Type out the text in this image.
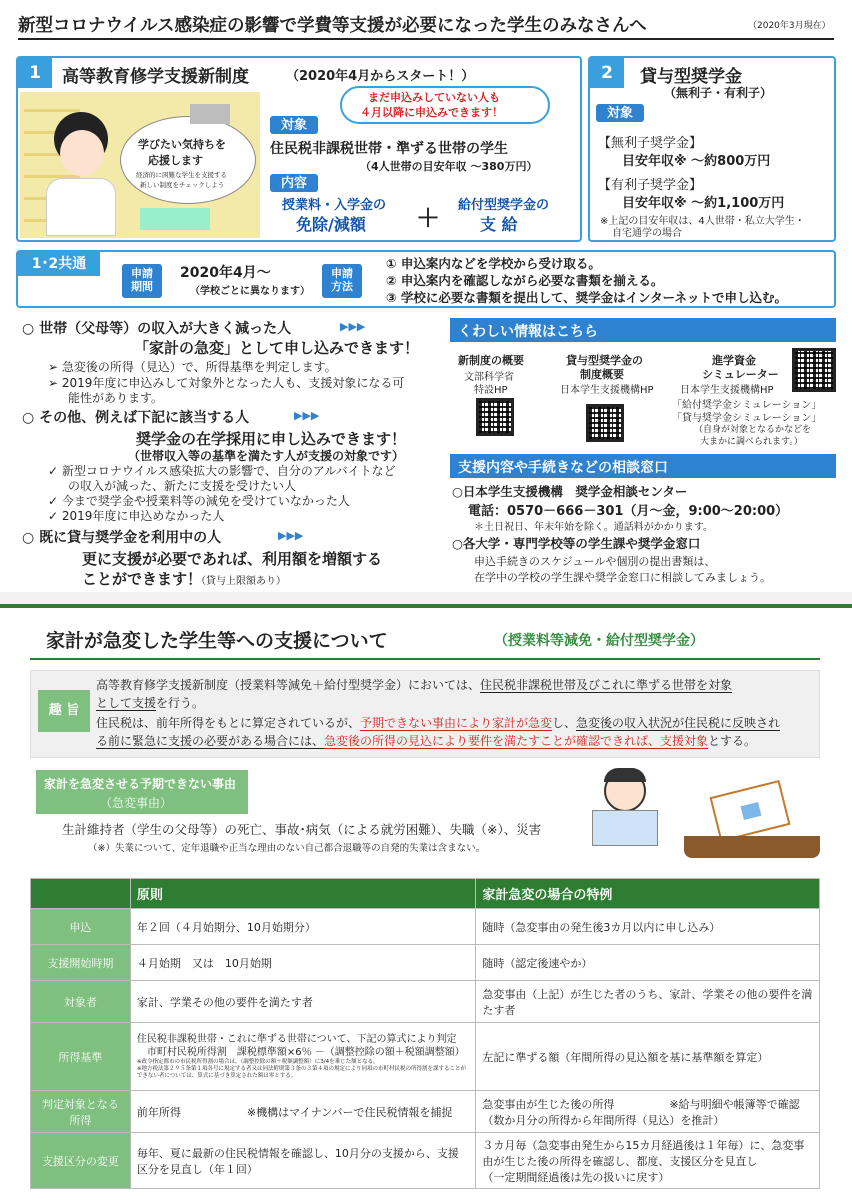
新型コロナウイルス感染症の影響で学費等支援が必要になった学生のみなさんへ	（2020年3月現在）
1	高等教育修学支援新制度	（2020年4月からスタート！）
まだ申込みしていない人も
４月以降に申込みできます！
学びたい気持ちを
応援します
経済的に困難な学生を支援する
新しい制度をチェックしよう
対象
住民税非課税世帯・準ずる世帯の学生
（4人世帯の目安年収 ～380万円）
内容
授業料・入学金の
免除/減額 ＋ 給付型奨学金の
支 給
2	貸与型奨学金
（無利子・有利子）
対象
【無利子奨学金】
目安年収※ ～約800万円
【有利子奨学金】
目安年収※ ～約1,100万円
※上記の目安年収は、4人世帯・私立大学生・
自宅通学の場合
1･2共通
申請
期間
2020年4月～
（学校ごとに異なります）
申請
方法
① 申込案内などを学校から受け取る。
② 申込案内を確認しながら必要な書類を揃える。
③ 学校に必要な書類を提出して、奨学金はインターネットで申し込む。
○ 世帯（父母等）の収入が大きく減った人	▶▶▶
「家計の急変」として申し込みできます！
➢ 急変後の所得（見込）で、所得基準を判定します。
➢ 2019年度に申込みして対象外となった人も、支援対象になる可
能性があります。
○ その他、例えば下記に該当する人	▶▶▶
奨学金の在学採用に申し込みできます！
（世帯収入等の基準を満たす人が支援の対象です）
✓ 新型コロナウイルス感染拡大の影響で、自分のアルバイトなど
の収入が減った、新たに支援を受けたい人
✓ 今まで奨学金や授業料等の減免を受けていなかった人
✓ 2019年度に申込めなかった人
○ 既に貸与奨学金を利用中の人	▶▶▶
更に支援が必要であれば、利用額を増額する
ことができます！
（貸与上限額あり）
くわしい情報はこちら
新制度の概要
文部科学省
特設HP
貸与型奨学金の
制度概要
日本学生支援機構HP
進学資金
シミュレーター
日本学生支援機構HP
「給付奨学金シミュレーション」
「貸与奨学金シミュレーション」
（自身が対象となるかなどを
大まかに調べられます。）
支援内容や手続きなどの相談窓口
○日本学生支援機構　奨学金相談センター
電話：0570－666－301（月～金，9:00～20:00）
＊土日祝日、年末年始を除く。通話料がかかります。
○各大学・専門学校等の学生課や奨学金窓口
申込手続きのスケジュールや個別の提出書類は、
在学中の学校の学生課や奨学金窓口に相談してみましょう。
家計が急変した学生等への支援について	（授業料等減免・給付型奨学金）
趣 旨
高等教育修学支援新制度（授業料等減免＋給付型奨学金）においては、住民税非課税世帯及びこれに準ずる世帯を対象
として支援を行う。
住民税は、前年所得をもとに算定されているが、予期できない事由により家計が急変し、急変後の収入状況が住民税に反映され
る前に緊急に支援の必要がある場合には、急変後の所得の見込により要件を満たすことが確認できれば、支援対象とする。
家計を急変させる予期できない事由
（急変事由）
生計維持者（学生の父母等）の死亡、事故･病気（による就労困難）、失職（※）、災害
（※）失業について、定年退職や正当な理由のない自己都合退職等の自発的失業は含まない。
	原則	家計急変の場合の特例
申込	年２回（４月始期分、10月始期分）	随時（急変事由の発生後3カ月以内に申し込み）
支援開始時期	４月始期　又は　10月始期	随時（認定後速やか）
対象者	家計、学業その他の要件を満たす者	急変事由（上記）が生じた者のうち、家計、学業その他の要件を満たす者
所得基準	住民税非課税世帯・これに準ずる世帯について、下記の算式により判定
　市町村民税所得割　課税標準額×6％ －（調整控除の額＋税額調整額）

※政令指定都市の市民税所得割の場合は、（調整控除の額＋税額調整額）に3/4を乗じた額となる。
※地方税法第２９５条第１項各号に規定する者又は同法附則第３条の３第４項の規定により同項の市町村民税の所得割を課することができない者については、算式に基づき算定された額は零とする。	左記に準ずる額（年間所得の見込額を基に基準額を算定）
判定対象となる所得	前年所得　　　　　　※機構はマイナンバーで住民税情報を捕捉	急変事由が生じた後の所得　　　　　※給与明細や帳簿等で確認
（数か月分の所得から年間所得（見込）を推計）
支援区分の変更	毎年、夏に最新の住民税情報を確認し、10月分の支援から、支援区分を見直し（年１回）	３カ月毎（急変事由発生から15カ月経過後は１年毎）に、急変事由が生じた後の所得を確認し、都度、支援区分を見直し
（一定期間経過後は先の扱いに戻す）
